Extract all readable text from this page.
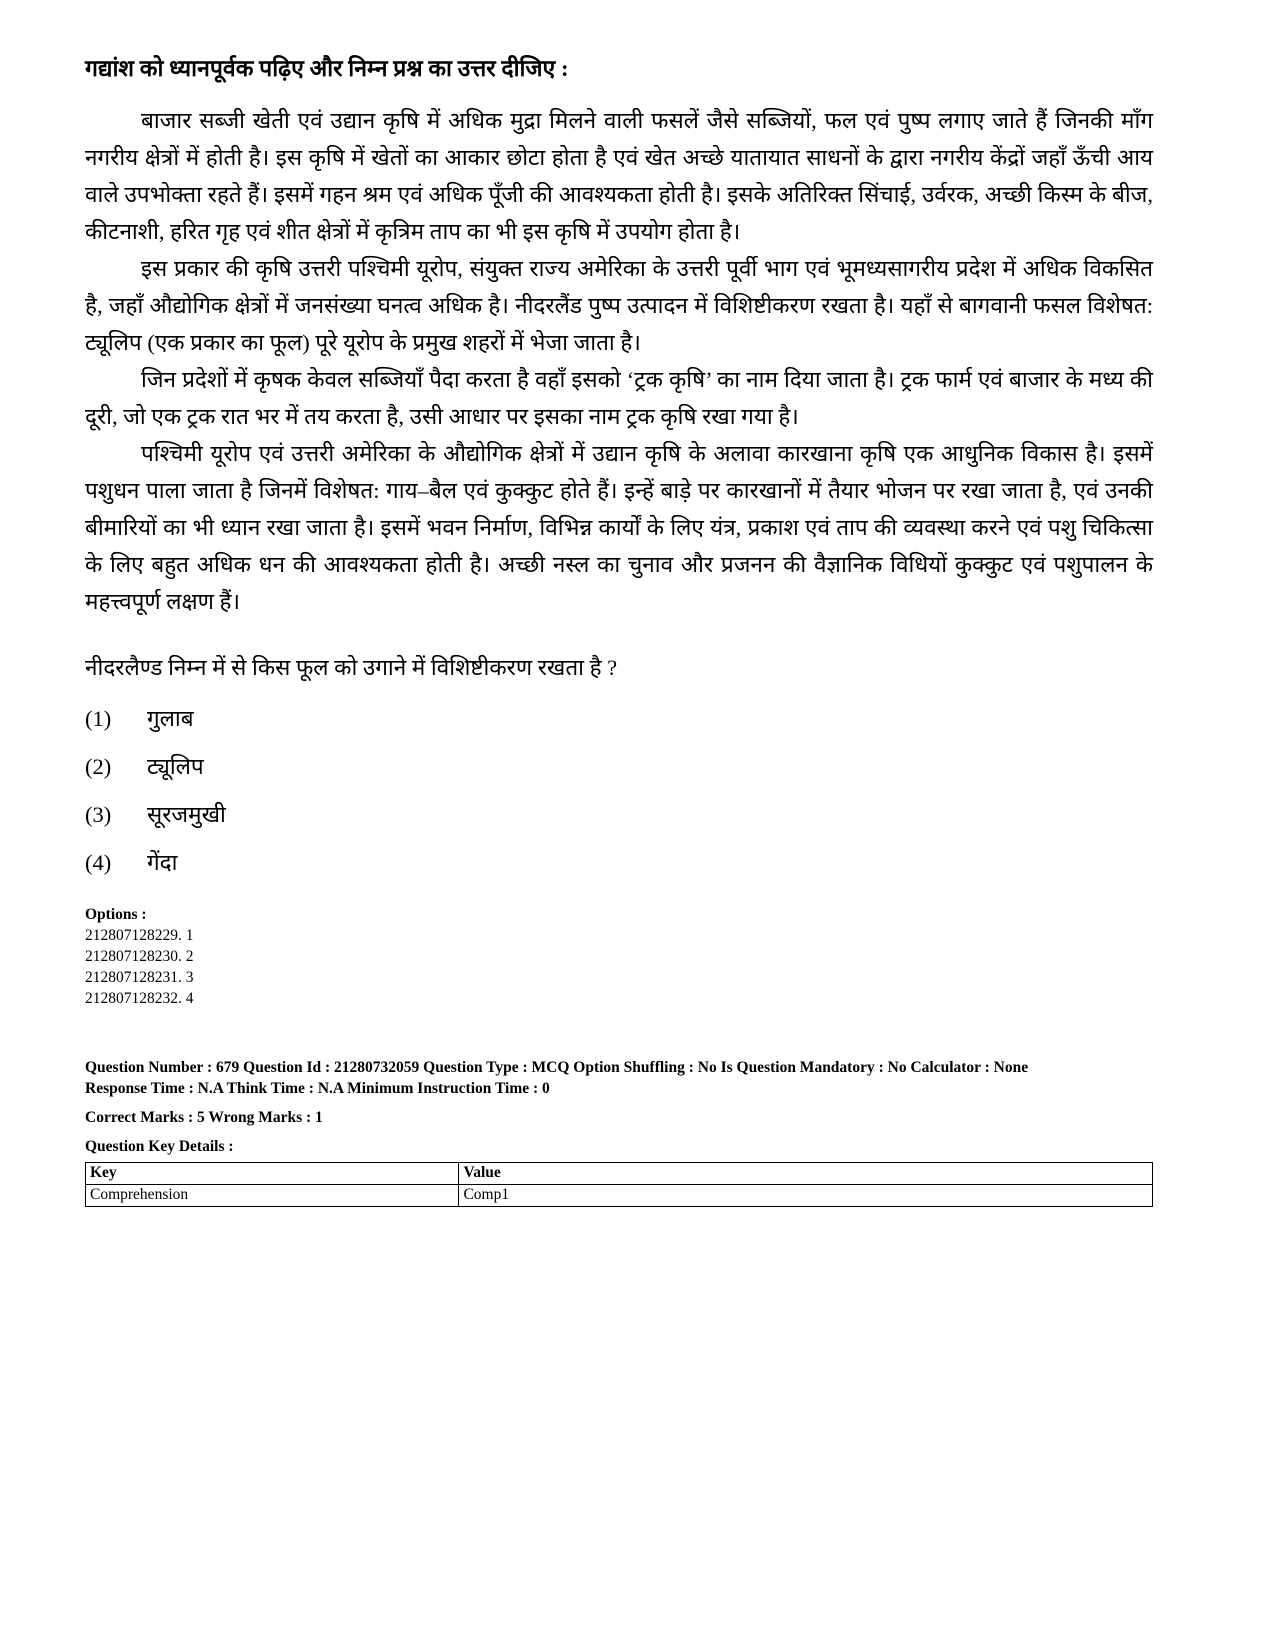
गद्यांश को ध्यानपूर्वक पढ़िए और निम्न प्रश्न का उत्तर दीजिए :
बाजार सब्जी खेती एवं उद्यान कृषि में अधिक मुद्रा मिलने वाली फसलें जैसे सब्जियों, फल एवं पुष्प लगाए जाते हैं जिनकी माँग नगरीय क्षेत्रों में होती है। इस कृषि में खेतों का आकार छोटा होता है एवं खेत अच्छे यातायात साधनों के द्वारा नगरीय केंद्रों जहाँ ऊँची आय वाले उपभोक्ता रहते हैं। इसमें गहन श्रम एवं अधिक पूँजी की आवश्यकता होती है। इसके अतिरिक्त सिंचाई, उर्वरक, अच्छी किस्म के बीज, कीटनाशी, हरित गृह एवं शीत क्षेत्रों में कृत्रिम ताप का भी इस कृषि में उपयोग होता है।
इस प्रकार की कृषि उत्तरी पश्चिमी यूरोप, संयुक्त राज्य अमेरिका के उत्तरी पूर्वी भाग एवं भूमध्यसागरीय प्रदेश में अधिक विकसित है, जहाँ औद्योगिक क्षेत्रों में जनसंख्या घनत्व अधिक है। नीदरलैंड पुष्प उत्पादन में विशिष्टीकरण रखता है। यहाँ से बागवानी फसल विशेषत: ट्यूलिप (एक प्रकार का फूल) पूरे यूरोप के प्रमुख शहरों में भेजा जाता है।
जिन प्रदेशों में कृषक केवल सब्जियाँ पैदा करता है वहाँ इसको ‘ट्रक कृषि’ का नाम दिया जाता है। ट्रक फार्म एवं बाजार के मध्य की दूरी, जो एक ट्रक रात भर में तय करता है, उसी आधार पर इसका नाम ट्रक कृषि रखा गया है।
पश्चिमी यूरोप एवं उत्तरी अमेरिका के औद्योगिक क्षेत्रों में उद्यान कृषि के अलावा कारखाना कृषि एक आधुनिक विकास है। इसमें पशुधन पाला जाता है जिनमें विशेषत: गाय–बैल एवं कुक्कुट होते हैं। इन्हें बाड़े पर कारखानों में तैयार भोजन पर रखा जाता है, एवं उनकी बीमारियों का भी ध्यान रखा जाता है। इसमें भवन निर्माण, विभिन्न कार्यों के लिए यंत्र, प्रकाश एवं ताप की व्यवस्था करने एवं पशु चिकित्सा के लिए बहुत अधिक धन की आवश्यकता होती है। अच्छी नस्ल का चुनाव और प्रजनन की वैज्ञानिक विधियों कुक्कुट एवं पशुपालन के महत्त्वपूर्ण लक्षण हैं।
नीदरलैण्ड निम्न में से किस फूल को उगाने में विशिष्टीकरण रखता है ?
(1)	गुलाब
(2)	ट्यूलिप
(3)	सूरजमुखी
(4)	गेंदा
Options :
212807128229. 1
212807128230. 2
212807128231. 3
212807128232. 4
Question Number : 679 Question Id : 21280732059 Question Type : MCQ Option Shuffling : No Is Question Mandatory : No Calculator : None
Response Time : N.A Think Time : N.A Minimum Instruction Time : 0
Correct Marks : 5 Wrong Marks : 1
Question Key Details :
Key	Value
Comprehension	Comp1
